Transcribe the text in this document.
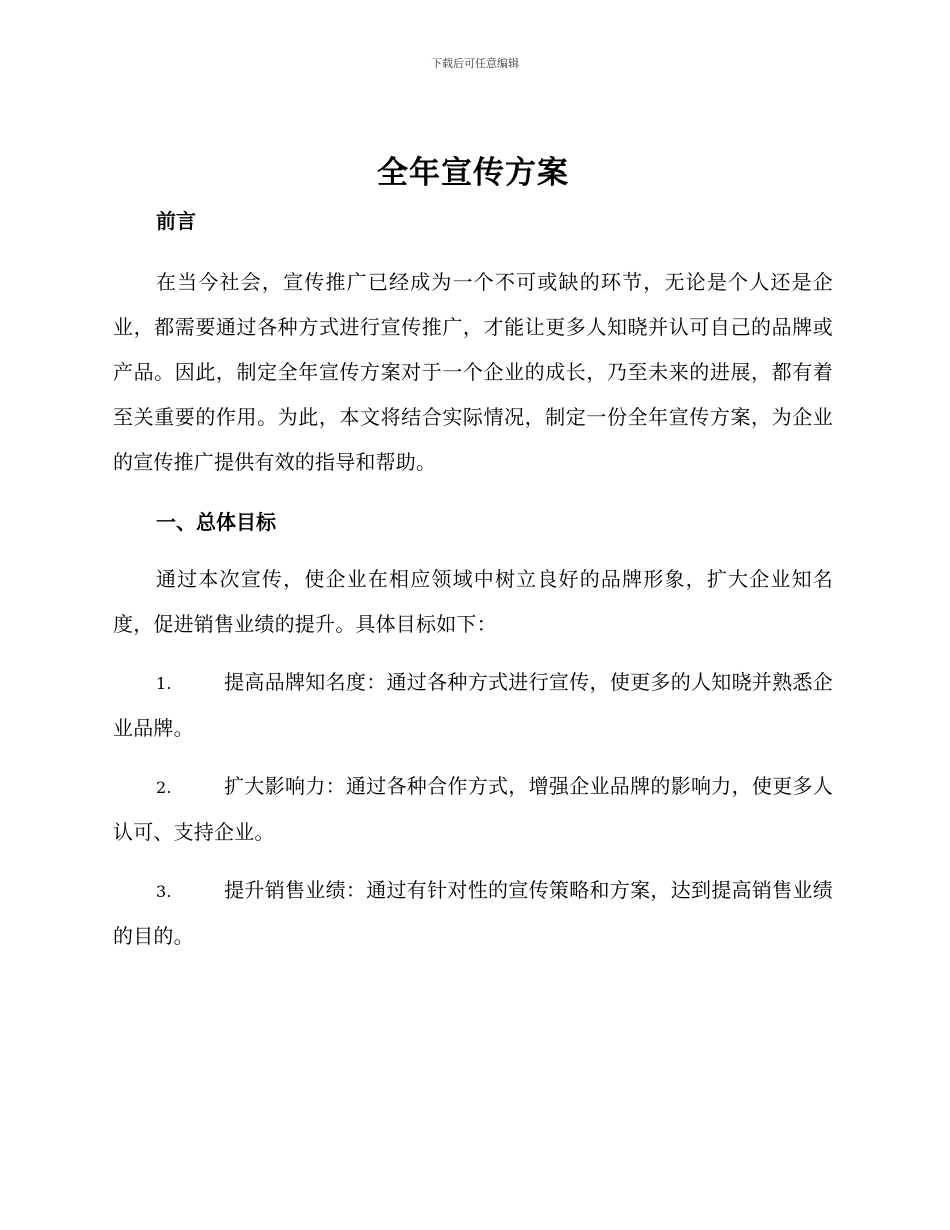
下载后可任意编辑
全年宣传方案
前言

在当今社会，宣传推广已经成为一个不可或缺的环节，无论是个人还是企业，都需要通过各种方式进行宣传推广，才能让更多人知晓并认可自己的品牌或产品。因此，制定全年宣传方案对于一个企业的成长，乃至未来的进展，都有着至关重要的作用。为此，本文将结合实际情况，制定一份全年宣传方案，为企业的宣传推广提供有效的指导和帮助。

一、总体目标

通过本次宣传，使企业在相应领域中树立良好的品牌形象，扩大企业知名度，促进销售业绩的提升。具体目标如下：

1.	提高品牌知名度：通过各种方式进行宣传，使更多的人知晓并熟悉企业品牌。

2.	扩大影响力：通过各种合作方式，增强企业品牌的影响力，使更多人认可、支持企业。

3.	提升销售业绩：通过有针对性的宣传策略和方案，达到提高销售业绩的目的。
